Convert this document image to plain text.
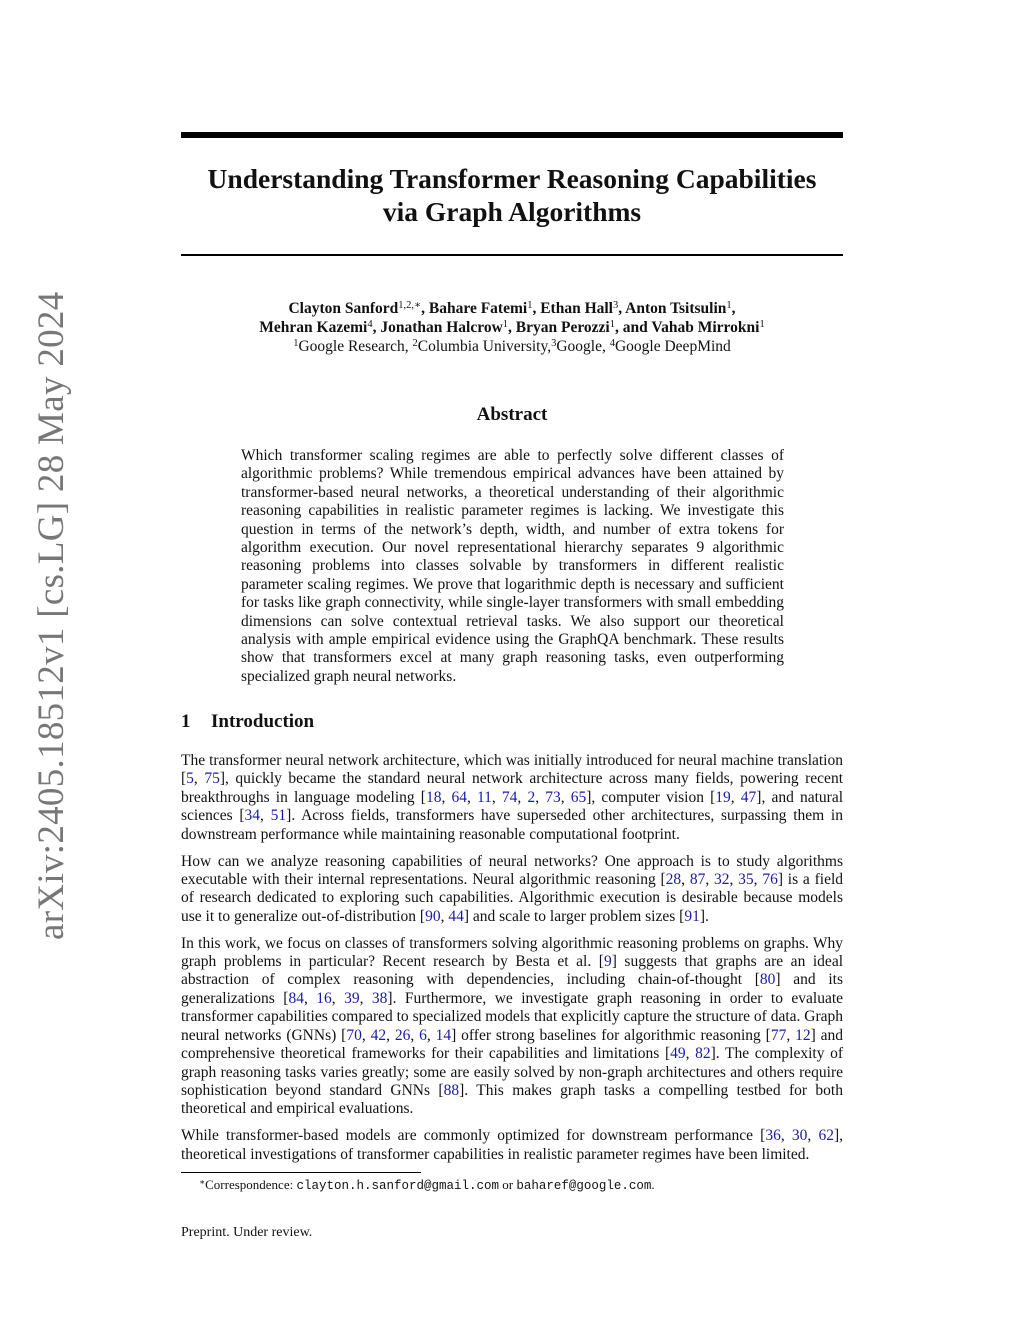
arXiv:2405.18512v1 [cs.LG] 28 May 2024
Understanding Transformer Reasoning Capabilities
via Graph Algorithms
Clayton Sanford$^{1,2,∗}$, Bahare Fatemi$^1$, Ethan Hall$^3$, Anton Tsitsulin$^1$,
Mehran Kazemi$^4$, Jonathan Halcrow$^1$, Bryan Perozzi$^1$, and Vahab Mirrokni$^1$
$^1$Google Research, $^2$Columbia University,$^3$Google, $^4$Google DeepMind
Abstract
Which transformer scaling regimes are able to perfectly solve different classes of algorithmic problems? While tremendous empirical advances have been attained by transformer-based neural networks, a theoretical understanding of their algorithmic reasoning capabilities in realistic parameter regimes is lacking. We investigate this question in terms of the network’s depth, width, and number of extra tokens for algorithm execution. Our novel representational hierarchy separates 9 algorithmic reasoning problems into classes solvable by transformers in different realistic parameter scaling regimes. We prove that logarithmic depth is necessary and sufficient for tasks like graph connectivity, while single-layer transformers with small embedding dimensions can solve contextual retrieval tasks. We also support our theoretical analysis with ample empirical evidence using the GraphQA benchmark. These results show that transformers excel at many graph reasoning tasks, even outperforming specialized graph neural networks.
1 Introduction

The transformer neural network architecture, which was initially introduced for neural machine translation [5, 75], quickly became the standard neural network architecture across many fields, powering recent breakthroughs in language modeling [18, 64, 11, 74, 2, 73, 65], computer vision [19, 47], and natural sciences [34, 51]. Across fields, transformers have superseded other architectures, surpassing them in downstream performance while maintaining reasonable computational footprint.

How can we analyze reasoning capabilities of neural networks? One approach is to study algorithms executable with their internal representations. Neural algorithmic reasoning [28, 87, 32, 35, 76] is a field of research dedicated to exploring such capabilities. Algorithmic execution is desirable because models use it to generalize out-of-distribution [90, 44] and scale to larger problem sizes [91].

In this work, we focus on classes of transformers solving algorithmic reasoning problems on graphs. Why graph problems in particular? Recent research by Besta et al. [9] suggests that graphs are an ideal abstraction of complex reasoning with dependencies, including chain-of-thought [80] and its generalizations [84, 16, 39, 38]. Furthermore, we investigate graph reasoning in order to evaluate transformer capabilities compared to specialized models that explicitly capture the structure of data. Graph neural networks (GNNs) [70, 42, 26, 6, 14] offer strong baselines for algorithmic reasoning [77, 12] and comprehensive theoretical frameworks for their capabilities and limitations [49, 82]. The complexity of graph reasoning tasks varies greatly; some are easily solved by non-graph architectures and others require sophistication beyond standard GNNs [88]. This makes graph tasks a compelling testbed for both theoretical and empirical evaluations.

While transformer-based models are commonly optimized for downstream performance [36, 30, 62], theoretical investigations of transformer capabilities in realistic parameter regimes have been limited.

∗Correspondence: clayton.h.sanford@gmail.com or baharef@google.com.
Preprint. Under review.
